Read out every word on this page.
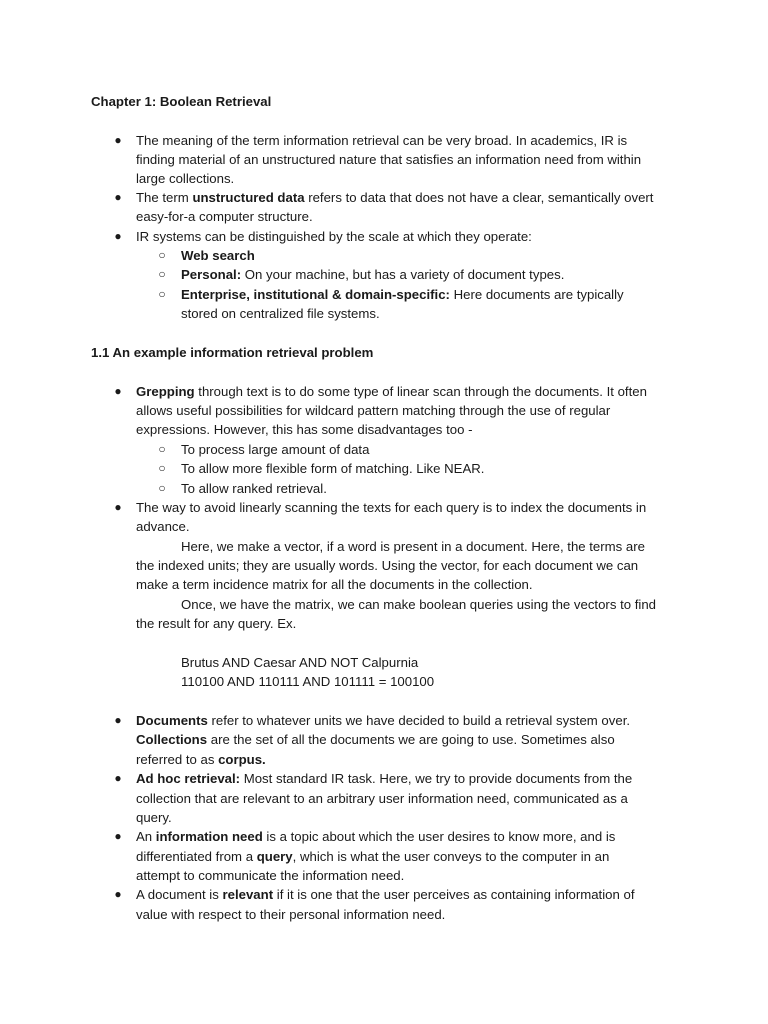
Chapter 1: Boolean Retrieval
● The meaning of the term information retrieval can be very broad. In academics, IR is
finding material of an unstructured nature that satisfies an information need from within
large collections.
● The term unstructured data refers to data that does not have a clear, semantically overt
easy-for-a computer structure.
● IR systems can be distinguished by the scale at which they operate:
○ Web search
○ Personal: On your machine, but has a variety of document types.
○ Enterprise, institutional & domain-specific: Here documents are typically
stored on centralized file systems.
1.1 An example information retrieval problem
● Grepping through text is to do some type of linear scan through the documents. It often
allows useful possibilities for wildcard pattern matching through the use of regular
expressions. However, this has some disadvantages too -
○ To process large amount of data
○ To allow more flexible form of matching. Like NEAR.
○ To allow ranked retrieval.
● The way to avoid linearly scanning the texts for each query is to index the documents in
advance.
Here, we make a vector, if a word is present in a document. Here, the terms are
the indexed units; they are usually words. Using the vector, for each document we can
make a term incidence matrix for all the documents in the collection.
Once, we have the matrix, we can make boolean queries using the vectors to find
the result for any query. Ex.
Brutus AND Caesar AND NOT Calpurnia
110100 AND 110111 AND 101111 = 100100
● Documents refer to whatever units we have decided to build a retrieval system over.
Collections are the set of all the documents we are going to use. Sometimes also
referred to as corpus.
● Ad hoc retrieval: Most standard IR task. Here, we try to provide documents from the
collection that are relevant to an arbitrary user information need, communicated as a
query.
● An information need is a topic about which the user desires to know more, and is
differentiated from a query, which is what the user conveys to the computer in an
attempt to communicate the information need.
● A document is relevant if it is one that the user perceives as containing information of
value with respect to their personal information need.
